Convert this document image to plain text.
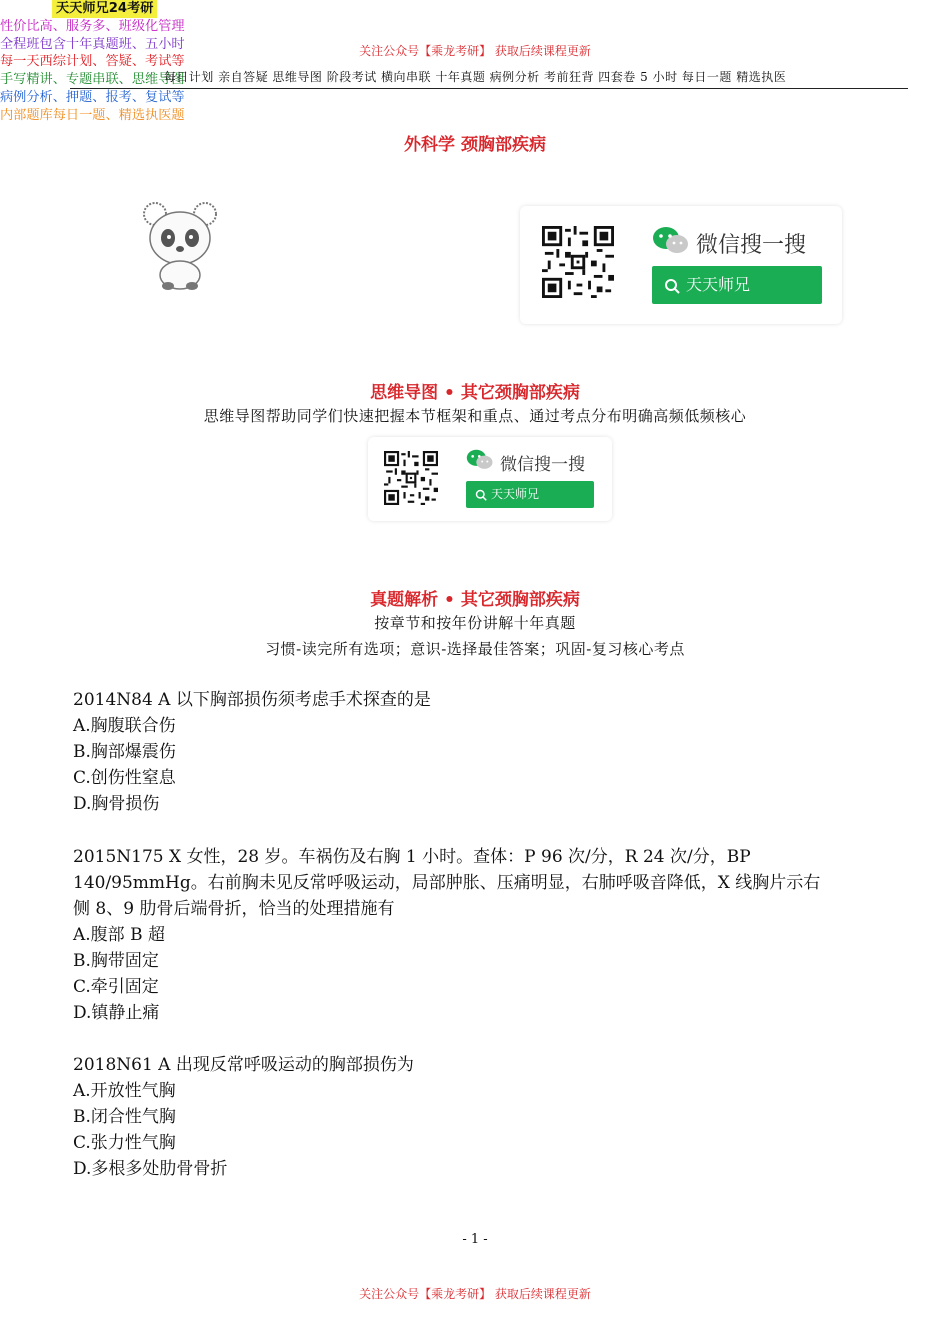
关注公众号【乘龙考研】 获取后续课程更新
每日计划 亲自答疑 思维导图 阶段考试 横向串联 十年真题 病例分析 考前狂背 四套卷 5 小时 每日一题 精选执医
外科学 颈胸部疾病
天天师兄24考研
性价比高、服务多、班级化管理
全程班包含十年真题班、五小时
每一天西综计划、答疑、考试等
手写精讲、专题串联、思维导图
病例分析、押题、报考、复试等
内部题库每日一题、精选执医题
微信搜一搜
天天师兄
思维导图 • 其它颈胸部疾病
思维导图帮助同学们快速把握本节框架和重点、通过考点分布明确高频低频核心
微信搜一搜
天天师兄
真题解析 • 其它颈胸部疾病
按章节和按年份讲解十年真题
习惯-读完所有选项；意识-选择最佳答案；巩固-复习核心考点
2014N84 A 以下胸部损伤须考虑手术探查的是
A.胸腹联合伤
B.胸部爆震伤
C.创伤性窒息
D.胸骨损伤
2015N175 X 女性，28 岁。车祸伤及右胸 1 小时。查体：P 96 次/分，R 24 次/分，BP
140/95mmHg。右前胸未见反常呼吸运动，局部肿胀、压痛明显，右肺呼吸音降低，X 线胸片示右
侧 8、9 肋骨后端骨折，恰当的处理措施有
A.腹部 B 超
B.胸带固定
C.牵引固定
D.镇静止痛
2018N61 A 出现反常呼吸运动的胸部损伤为
A.开放性气胸
B.闭合性气胸
C.张力性气胸
D.多根多处肋骨骨折
- 1 -
关注公众号【乘龙考研】 获取后续课程更新
